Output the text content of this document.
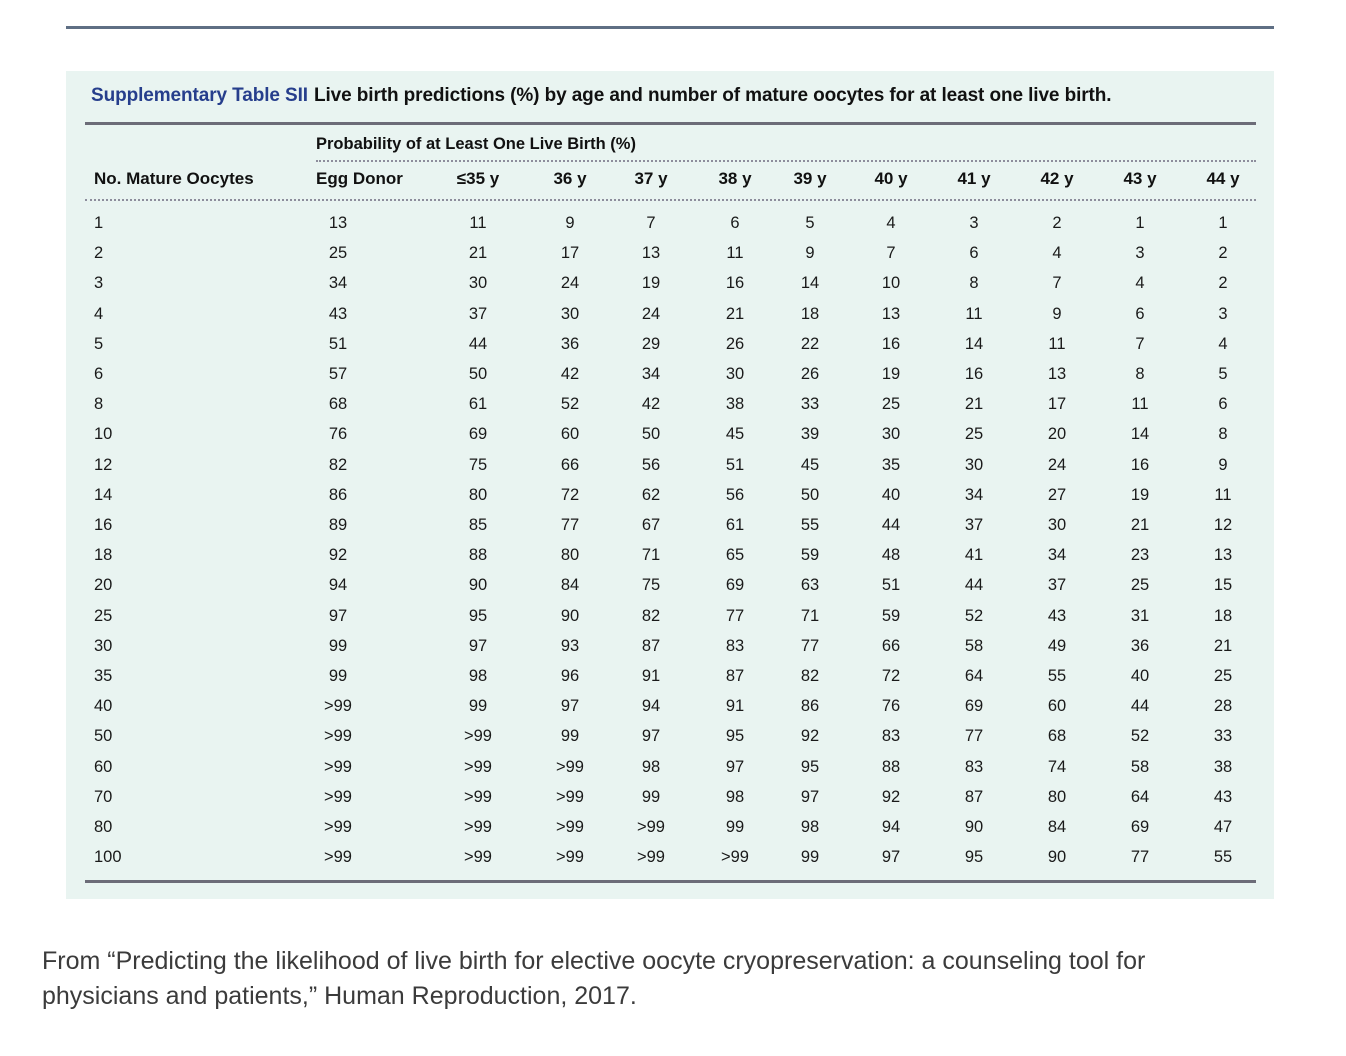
Supplementary Table SII Live birth predictions (%) by age and number of mature oocytes for at least one live birth.
Probability of at Least One Live Birth (%)
No. Mature Oocytes	Egg Donor	≤35 y	36 y	37 y	38 y	39 y	40 y	41 y	42 y	43 y	44 y
1	13	11	9	7	6	5	4	3	2	1	1
2	25	21	17	13	11	9	7	6	4	3	2
3	34	30	24	19	16	14	10	8	7	4	2
4	43	37	30	24	21	18	13	11	9	6	3
5	51	44	36	29	26	22	16	14	11	7	4
6	57	50	42	34	30	26	19	16	13	8	5
8	68	61	52	42	38	33	25	21	17	11	6
10	76	69	60	50	45	39	30	25	20	14	8
12	82	75	66	56	51	45	35	30	24	16	9
14	86	80	72	62	56	50	40	34	27	19	11
16	89	85	77	67	61	55	44	37	30	21	12
18	92	88	80	71	65	59	48	41	34	23	13
20	94	90	84	75	69	63	51	44	37	25	15
25	97	95	90	82	77	71	59	52	43	31	18
30	99	97	93	87	83	77	66	58	49	36	21
35	99	98	96	91	87	82	72	64	55	40	25
40	>99	99	97	94	91	86	76	69	60	44	28
50	>99	>99	99	97	95	92	83	77	68	52	33
60	>99	>99	>99	98	97	95	88	83	74	58	38
70	>99	>99	>99	99	98	97	92	87	80	64	43
80	>99	>99	>99	>99	99	98	94	90	84	69	47
100	>99	>99	>99	>99	>99	99	97	95	90	77	55
From “Predicting the likelihood of live birth for elective oocyte cryopreservation: a counseling tool for physicians and patients,” Human Reproduction, 2017.
